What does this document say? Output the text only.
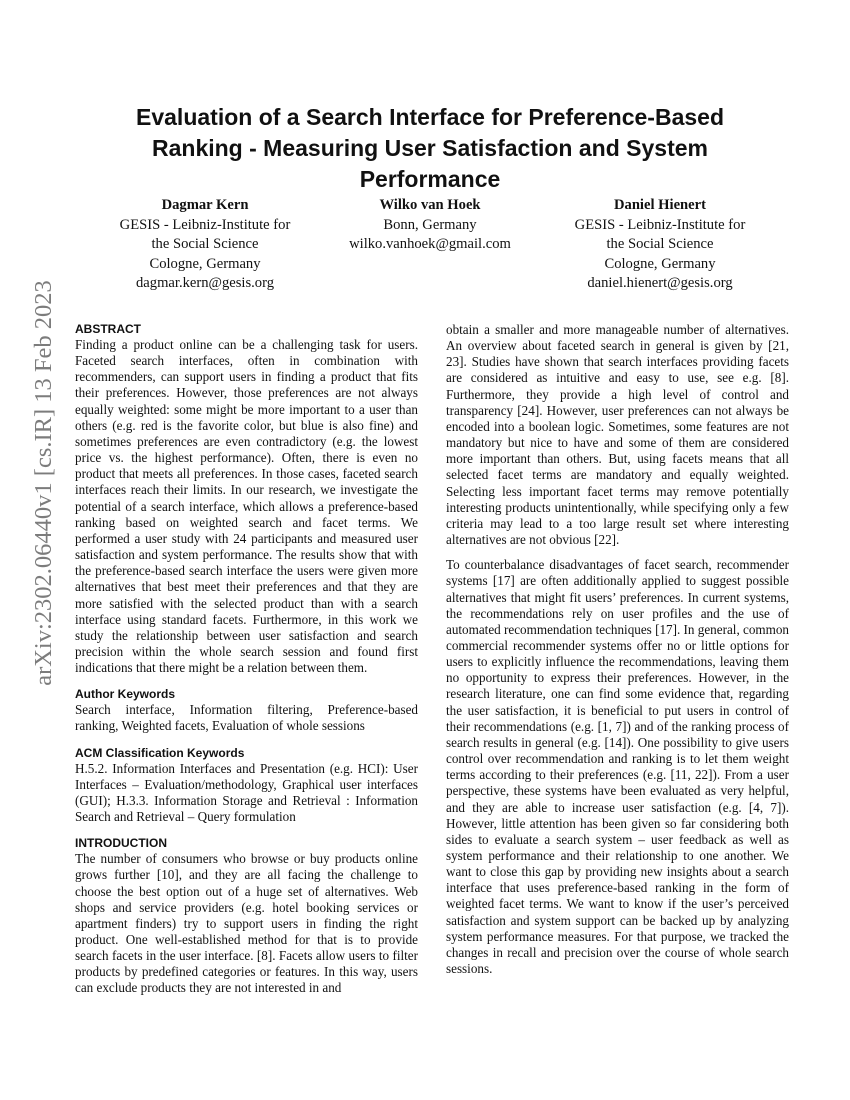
Evaluation of a Search Interface for Preference-Based Ranking - Measuring User Satisfaction and System Performance
Dagmar Kern
GESIS - Leibniz-Institute for
the Social Science
Cologne, Germany
dagmar.kern@gesis.org
Wilko van Hoek
Bonn, Germany
wilko.vanhoek@gmail.com
Daniel Hienert
GESIS - Leibniz-Institute for
the Social Science
Cologne, Germany
daniel.hienert@gesis.org
arXiv:2302.06440v1 [cs.IR] 13 Feb 2023 ABSTRACT

Finding a product online can be a challenging task for users. Faceted search interfaces, often in combination with recommenders, can support users in finding a product that fits their preferences. However, those preferences are not always equally weighted: some might be more important to a user than others (e.g. red is the favorite color, but blue is also fine) and sometimes preferences are even contradictory (e.g. the lowest price vs. the highest performance). Often, there is even no product that meets all preferences. In those cases, faceted search interfaces reach their limits. In our research, we investigate the potential of a search interface, which allows a preference-based ranking based on weighted search and facet terms. We performed a user study with 24 participants and measured user satisfaction and system performance. The results show that with the preference-based search interface the users were given more alternatives that best meet their preferences and that they are more satisfied with the selected product than with a search interface using standard facets. Furthermore, in this work we study the relationship between user satisfaction and search precision within the whole search session and found first indications that there might be a relation between them.

Author Keywords

Search interface, Information filtering, Preference-based ranking, Weighted facets, Evaluation of whole sessions

ACM Classification Keywords

H.5.2. Information Interfaces and Presentation (e.g. HCI): User Interfaces – Evaluation/methodology, Graphical user interfaces (GUI); H.3.3. Information Storage and Retrieval : Information Search and Retrieval – Query formulation

INTRODUCTION

The number of consumers who browse or buy products online grows further [10], and they are all facing the challenge to choose the best option out of a huge set of alternatives. Web shops and service providers (e.g. hotel booking services or apartment finders) try to support users in finding the right product. One well-established method for that is to provide search facets in the user interface. [8]. Facets allow users to filter products by predefined categories or features. In this way, users can exclude products they are not interested in and

obtain a smaller and more manageable number of alternatives. An overview about faceted search in general is given by [21, 23]. Studies have shown that search interfaces providing facets are considered as intuitive and easy to use, see e.g. [8]. Furthermore, they provide a high level of control and transparency [24]. However, user preferences can not always be encoded into a boolean logic. Sometimes, some features are not mandatory but nice to have and some of them are considered more important than others. But, using facets means that all selected facet terms are mandatory and equally weighted. Selecting less important facet terms may remove potentially interesting products unintentionally, while specifying only a few criteria may lead to a too large result set where interesting alternatives are not obvious [22].

To counterbalance disadvantages of facet search, recommender systems [17] are often additionally applied to suggest possible alternatives that might fit users’ preferences. In current systems, the recommendations rely on user profiles and the use of automated recommendation techniques [17]. In general, common commercial recommender systems offer no or little options for users to explicitly influence the recommendations, leaving them no opportunity to express their preferences. However, in the research literature, one can find some evidence that, regarding the user satisfaction, it is beneficial to put users in control of their recommendations (e.g. [1, 7]) and of the ranking process of search results in general (e.g. [14]). One possibility to give users control over recommendation and ranking is to let them weight terms according to their preferences (e.g. [11, 22]). From a user perspective, these systems have been evaluated as very helpful, and they are able to increase user satisfaction (e.g. [4, 7]). However, little attention has been given so far considering both sides to evaluate a search system – user feedback as well as system performance and their relationship to one another. We want to close this gap by providing new insights about a search interface that uses preference-based ranking in the form of weighted facet terms. We want to know if the user’s perceived satisfaction and system support can be backed up by analyzing system performance measures. For that purpose, we tracked the changes in recall and precision over the course of whole search sessions.
